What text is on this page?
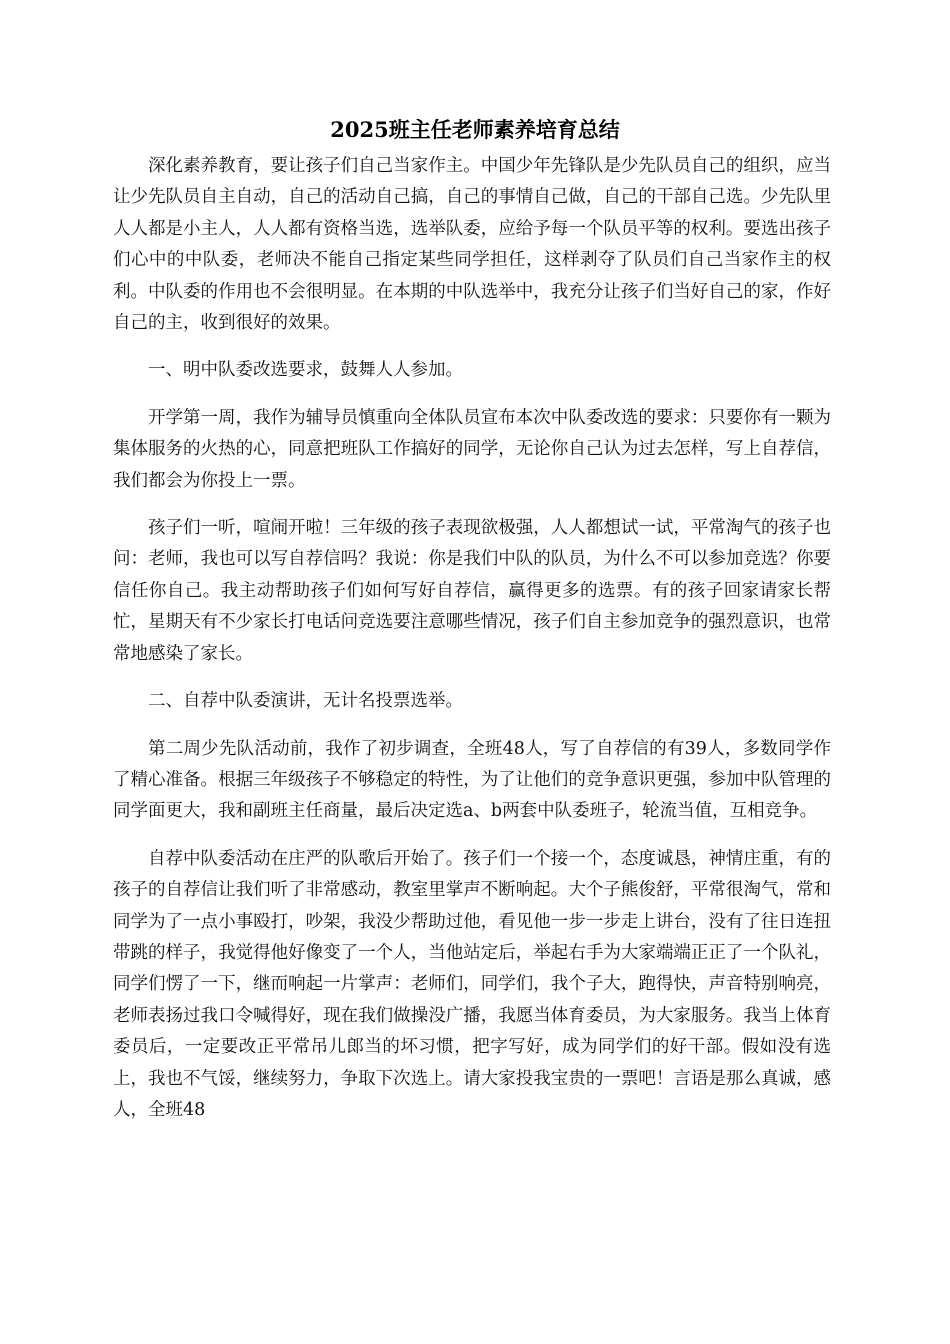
2025班主任老师素养培育总结

深化素养教育，要让孩子们自己当家作主。中国少年先锋队是少先队员自己的组织，应当让少先队员自主自动，自己的活动自己搞，自己的事情自己做，自己的干部自己选。少先队里人人都是小主人，人人都有资格当选，选举队委，应给予每一个队员平等的权利。要选出孩子们心中的中队委，老师决不能自己指定某些同学担任，这样剥夺了队员们自己当家作主的权利。中队委的作用也不会很明显。在本期的中队选举中，我充分让孩子们当好自己的家，作好自己的主，收到很好的效果。

一、明中队委改选要求，鼓舞人人参加。

开学第一周，我作为辅导员慎重向全体队员宣布本次中队委改选的要求：只要你有一颗为集体服务的火热的心，同意把班队工作搞好的同学，无论你自己认为过去怎样，写上自荐信，我们都会为你投上一票。

孩子们一听，喧闹开啦！三年级的孩子表现欲极强，人人都想试一试，平常淘气的孩子也问：老师，我也可以写自荐信吗？我说：你是我们中队的队员，为什么不可以参加竞选？你要信任你自己。我主动帮助孩子们如何写好自荐信，赢得更多的选票。有的孩子回家请家长帮忙，星期天有不少家长打电话问竞选要注意哪些情况，孩子们自主参加竞争的强烈意识，也常常地感染了家长。

二、自荐中队委演讲，无计名投票选举。

第二周少先队活动前，我作了初步调查，全班48人，写了自荐信的有39人，多数同学作了精心准备。根据三年级孩子不够稳定的特性，为了让他们的竞争意识更强，参加中队管理的同学面更大，我和副班主任商量，最后决定选a、b两套中队委班子，轮流当值，互相竞争。

自荐中队委活动在庄严的队歌后开始了。孩子们一个接一个，态度诚恳，神情庄重，有的孩子的自荐信让我们听了非常感动，教室里掌声不断响起。大个子熊俊舒，平常很淘气，常和同学为了一点小事殴打，吵架，我没少帮助过他，看见他一步一步走上讲台，没有了往日连扭带跳的样子，我觉得他好像变了一个人，当他站定后，举起右手为大家端端正正了一个队礼，同学们愣了一下，继而响起一片掌声：老师们，同学们，我个子大，跑得快，声音特别响亮，老师表扬过我口令喊得好，现在我们做操没广播，我愿当体育委员，为大家服务。我当上体育委员后，一定要改正平常吊儿郎当的坏习惯，把字写好，成为同学们的好干部。假如没有选上，我也不气馁，继续努力，争取下次选上。请大家投我宝贵的一票吧！言语是那么真诚，感人，全班48
